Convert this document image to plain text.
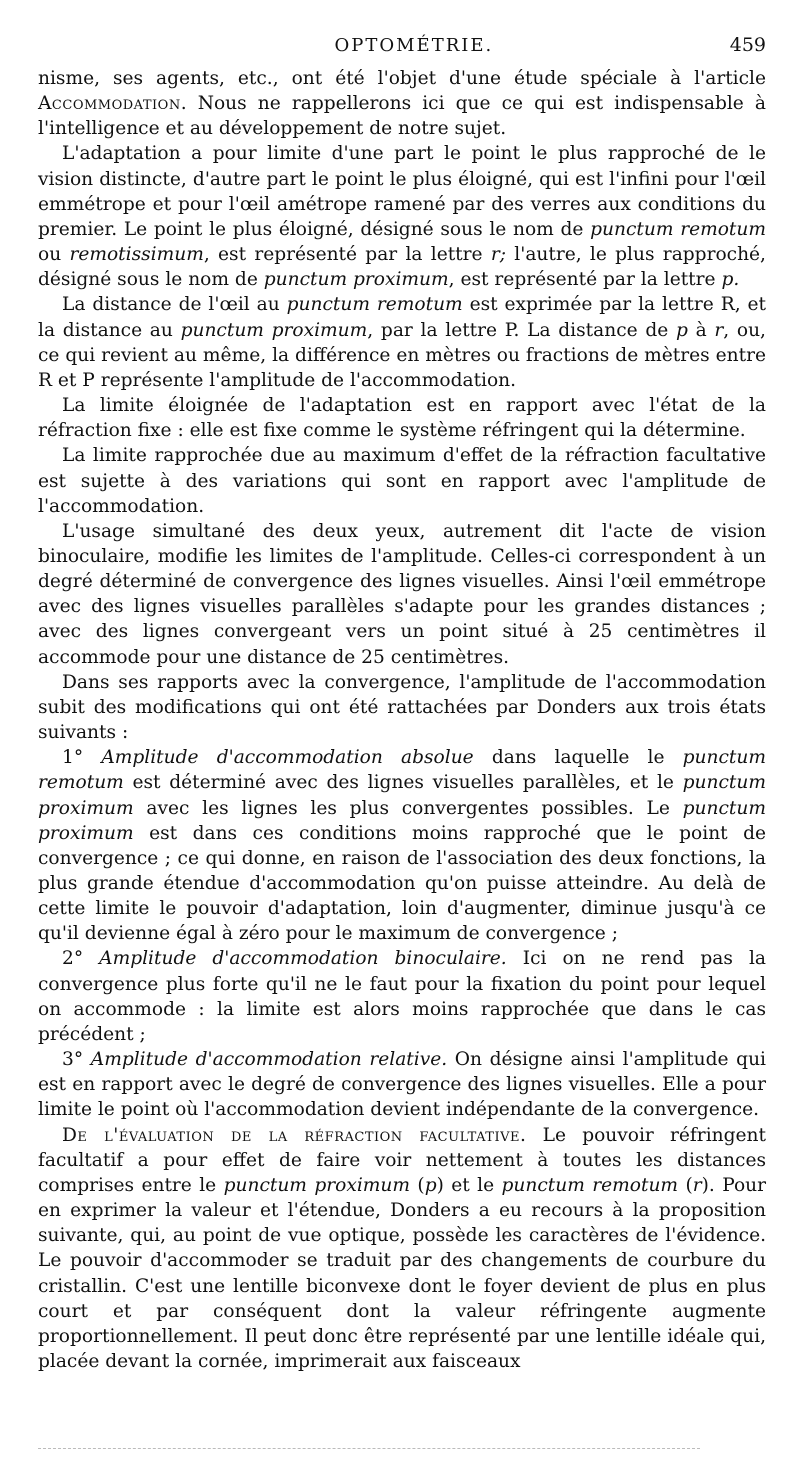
OPTOMÉTRIE.	459

nisme, ses agents, etc., ont été l'objet d'une étude spéciale à l'article Accommodation. Nous ne rappellerons ici que ce qui est indispensable à l'intelligence et au développement de notre sujet.

L'adaptation a pour limite d'une part le point le plus rapproché de le vision distincte, d'autre part le point le plus éloigné, qui est l'infini pour l'œil emmétrope et pour l'œil amétrope ramené par des verres aux conditions du premier. Le point le plus éloigné, désigné sous le nom de punctum remotum ou remotissimum, est représenté par la lettre r; l'autre, le plus rapproché, désigné sous le nom de punctum proximum, est représenté par la lettre p.

La distance de l'œil au punctum remotum est exprimée par la lettre R, et la distance au punctum proximum, par la lettre P. La distance de p à r, ou, ce qui revient au même, la différence en mètres ou fractions de mètres entre R et P représente l'amplitude de l'accommodation.

La limite éloignée de l'adaptation est en rapport avec l'état de la réfraction fixe : elle est fixe comme le système réfringent qui la détermine.

La limite rapprochée due au maximum d'effet de la réfraction facultative est sujette à des variations qui sont en rapport avec l'amplitude de l'accommodation.

L'usage simultané des deux yeux, autrement dit l'acte de vision binoculaire, modifie les limites de l'amplitude. Celles-ci correspondent à un degré déterminé de convergence des lignes visuelles. Ainsi l'œil emmétrope avec des lignes visuelles parallèles s'adapte pour les grandes distances ; avec des lignes convergeant vers un point situé à 25 centimètres il accommode pour une distance de 25 centimètres.

Dans ses rapports avec la convergence, l'amplitude de l'accommodation subit des modifications qui ont été rattachées par Donders aux trois états suivants :

1° Amplitude d'accommodation absolue dans laquelle le punctum remotum est déterminé avec des lignes visuelles parallèles, et le punctum proximum avec les lignes les plus convergentes possibles. Le punctum proximum est dans ces conditions moins rapproché que le point de convergence ; ce qui donne, en raison de l'association des deux fonctions, la plus grande étendue d'accommodation qu'on puisse atteindre. Au delà de cette limite le pouvoir d'adaptation, loin d'augmenter, diminue jusqu'à ce qu'il devienne égal à zéro pour le maximum de convergence ;

2° Amplitude d'accommodation binoculaire. Ici on ne rend pas la convergence plus forte qu'il ne le faut pour la fixation du point pour lequel on accommode : la limite est alors moins rapprochée que dans le cas précédent ;

3° Amplitude d'accommodation relative. On désigne ainsi l'amplitude qui est en rapport avec le degré de convergence des lignes visuelles. Elle a pour limite le point où l'accommodation devient indépendante de la convergence.

De l'évaluation de la réfraction facultative. Le pouvoir réfringent facultatif a pour effet de faire voir nettement à toutes les distances comprises entre le punctum proximum (p) et le punctum remotum (r). Pour en exprimer la valeur et l'étendue, Donders a eu recours à la proposition suivante, qui, au point de vue optique, possède les caractères de l'évidence. Le pouvoir d'accommoder se traduit par des changements de courbure du cristallin. C'est une lentille biconvexe dont le foyer devient de plus en plus court et par conséquent dont la valeur réfringente augmente proportionnellement. Il peut donc être représenté par une lentille idéale qui, placée devant la cornée, imprimerait aux faisceaux
